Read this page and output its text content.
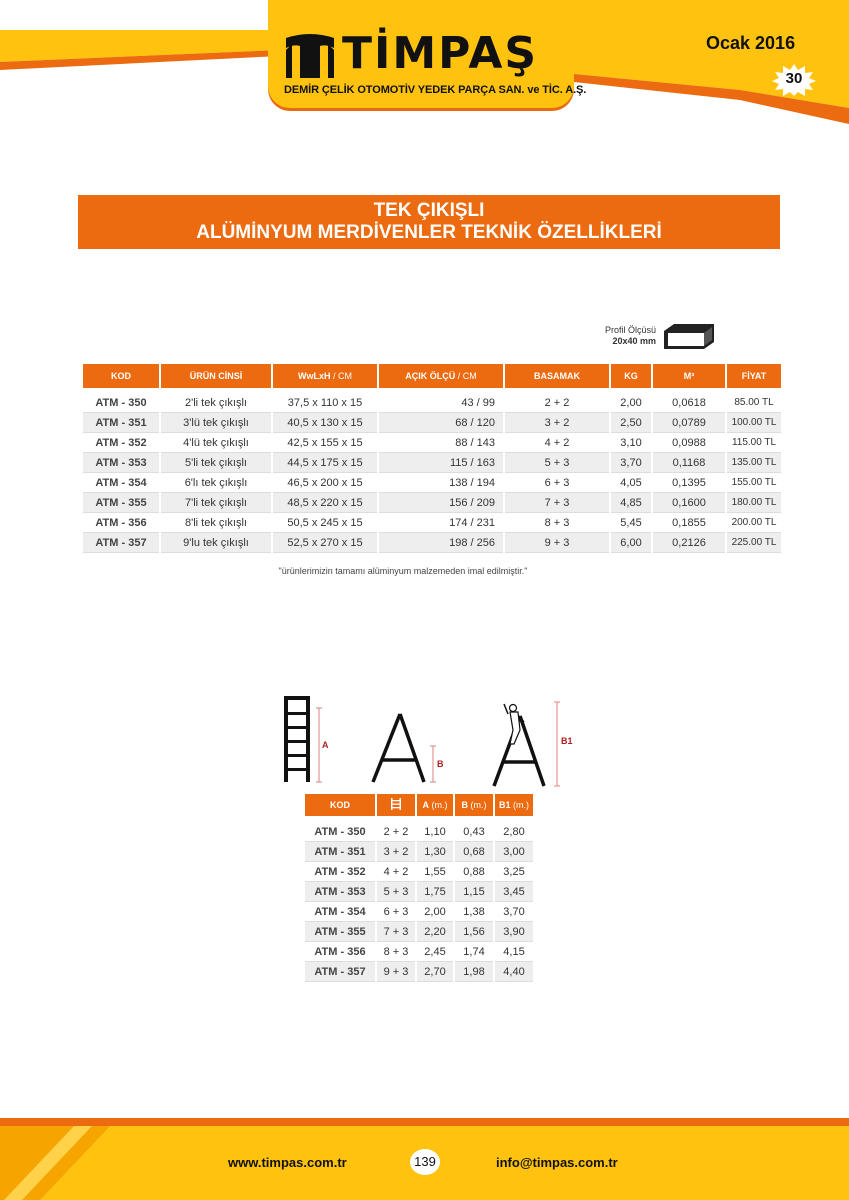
TİMPAŞ
DEMİR ÇELİK OTOMOTİV YEDEK PARÇA SAN. ve TİC. A.Ş.
Ocak 2016
30
TEK ÇIKIŞLI
ALÜMİNYUM MERDİVENLER TEKNİK ÖZELLİKLERİ
Profil Ölçüsü
20x40 mm
KOD	ÜRÜN CİNSİ	WwLxH / CM	AÇIK ÖLÇÜ / CM	BASAMAK	KG	M³	FİYAT
ATM - 350	2'li tek çıkışlı	37,5 x 110 x 15	43 / 99	2 + 2	2,00	0,0618	85.00 TL
ATM - 351	3'lü tek çıkışlı	40,5 x 130 x 15	68 / 120	3 + 2	2,50	0,0789	100.00 TL
ATM - 352	4'lü tek çıkışlı	42,5 x 155 x 15	88 / 143	4 + 2	3,10	0,0988	115.00 TL
ATM - 353	5'li tek çıkışlı	44,5 x 175 x 15	115 / 163	5 + 3	3,70	0,1168	135.00 TL
ATM - 354	6'lı tek çıkışlı	46,5 x 200 x 15	138 / 194	6 + 3	4,05	0,1395	155.00 TL
ATM - 355	7'li tek çıkışlı	48,5 x 220 x 15	156 / 209	7 + 3	4,85	0,1600	180.00 TL
ATM - 356	8'li tek çıkışlı	50,5 x 245 x 15	174 / 231	8 + 3	5,45	0,1855	200.00 TL
ATM - 357	9'lu tek çıkışlı	52,5 x 270 x 15	198 / 256	9 + 3	6,00	0,2126	225.00 TL
"ürünlerimizin tamamı alüminyum malzemeden imal edilmiştir."
A
B
B1
KOD		A (m.)	B (m.)	B1 (m.)
ATM - 350	2 + 2	1,10	0,43	2,80
ATM - 351	3 + 2	1,30	0,68	3,00
ATM - 352	4 + 2	1,55	0,88	3,25
ATM - 353	5 + 3	1,75	1,15	3,45
ATM - 354	6 + 3	2,00	1,38	3,70
ATM - 355	7 + 3	2,20	1,56	3,90
ATM - 356	8 + 3	2,45	1,74	4,15
ATM - 357	9 + 3	2,70	1,98	4,40
www.timpas.com.tr	139	info@timpas.com.tr
